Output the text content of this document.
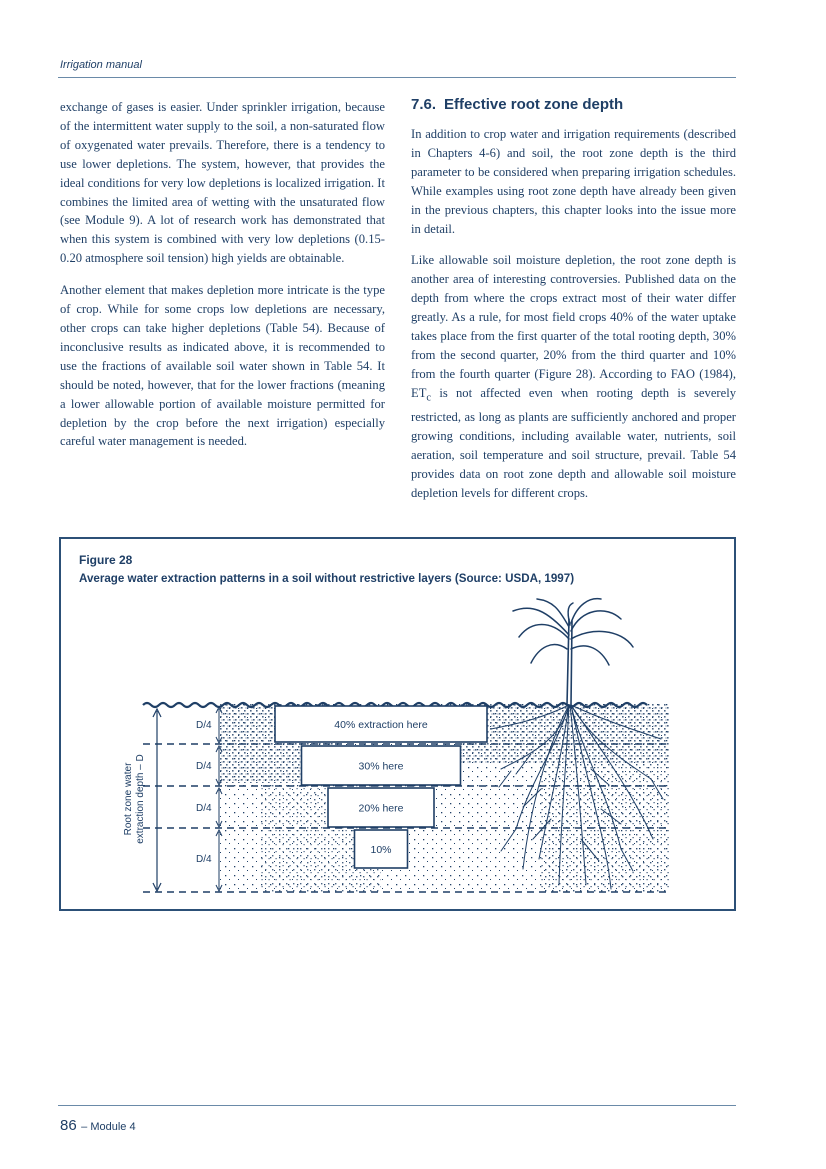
Irrigation manual

exchange of gases is easier. Under sprinkler irrigation, because of the intermittent water supply to the soil, a non-saturated flow of oxygenated water prevails. Therefore, there is a tendency to use lower depletions. The system, however, that provides the ideal conditions for very low depletions is localized irrigation. It combines the limited area of wetting with the unsaturated flow (see Module 9). A lot of research work has demonstrated that when this system is combined with very low depletions (0.15-0.20 atmosphere soil tension) high yields are obtainable.

Another element that makes depletion more intricate is the type of crop. While for some crops low depletions are necessary, other crops can take higher depletions (Table 54). Because of inconclusive results as indicated above, it is recommended to use the fractions of available soil water shown in Table 54. It should be noted, however, that for the lower fractions (meaning a lower allowable portion of available moisture permitted for depletion by the crop before the next irrigation) especially careful water management is needed.

7.6. Effective root zone depth

In addition to crop water and irrigation requirements (described in Chapters 4-6) and soil, the root zone depth is the third parameter to be considered when preparing irrigation schedules. While examples using root zone depth have already been given in the previous chapters, this chapter looks into the issue more in detail.

Like allowable soil moisture depletion, the root zone depth is another area of interesting controversies. Published data on the depth from where the crops extract most of their water differ greatly. As a rule, for most field crops 40% of the water uptake takes place from the first quarter of the total rooting depth, 30% from the second quarter, 20% from the third quarter and 10% from the fourth quarter (Figure 28). According to FAO (1984), $ET_c$ is not affected even when rooting depth is severely restricted, as long as plants are sufficiently anchored and proper growing conditions, including available water, nutrients, soil aeration, soil temperature and soil structure, prevail. Table 54 provides data on root zone depth and allowable soil moisture depletion levels for different crops.

Figure 28
Average water extraction patterns in a soil without restrictive layers (Source: USDA, 1997)
Root zone water extraction depth – D
D/4
D/4
D/4
D/4
40% extraction here
30% here
20% here
10%
86 – Module 4
